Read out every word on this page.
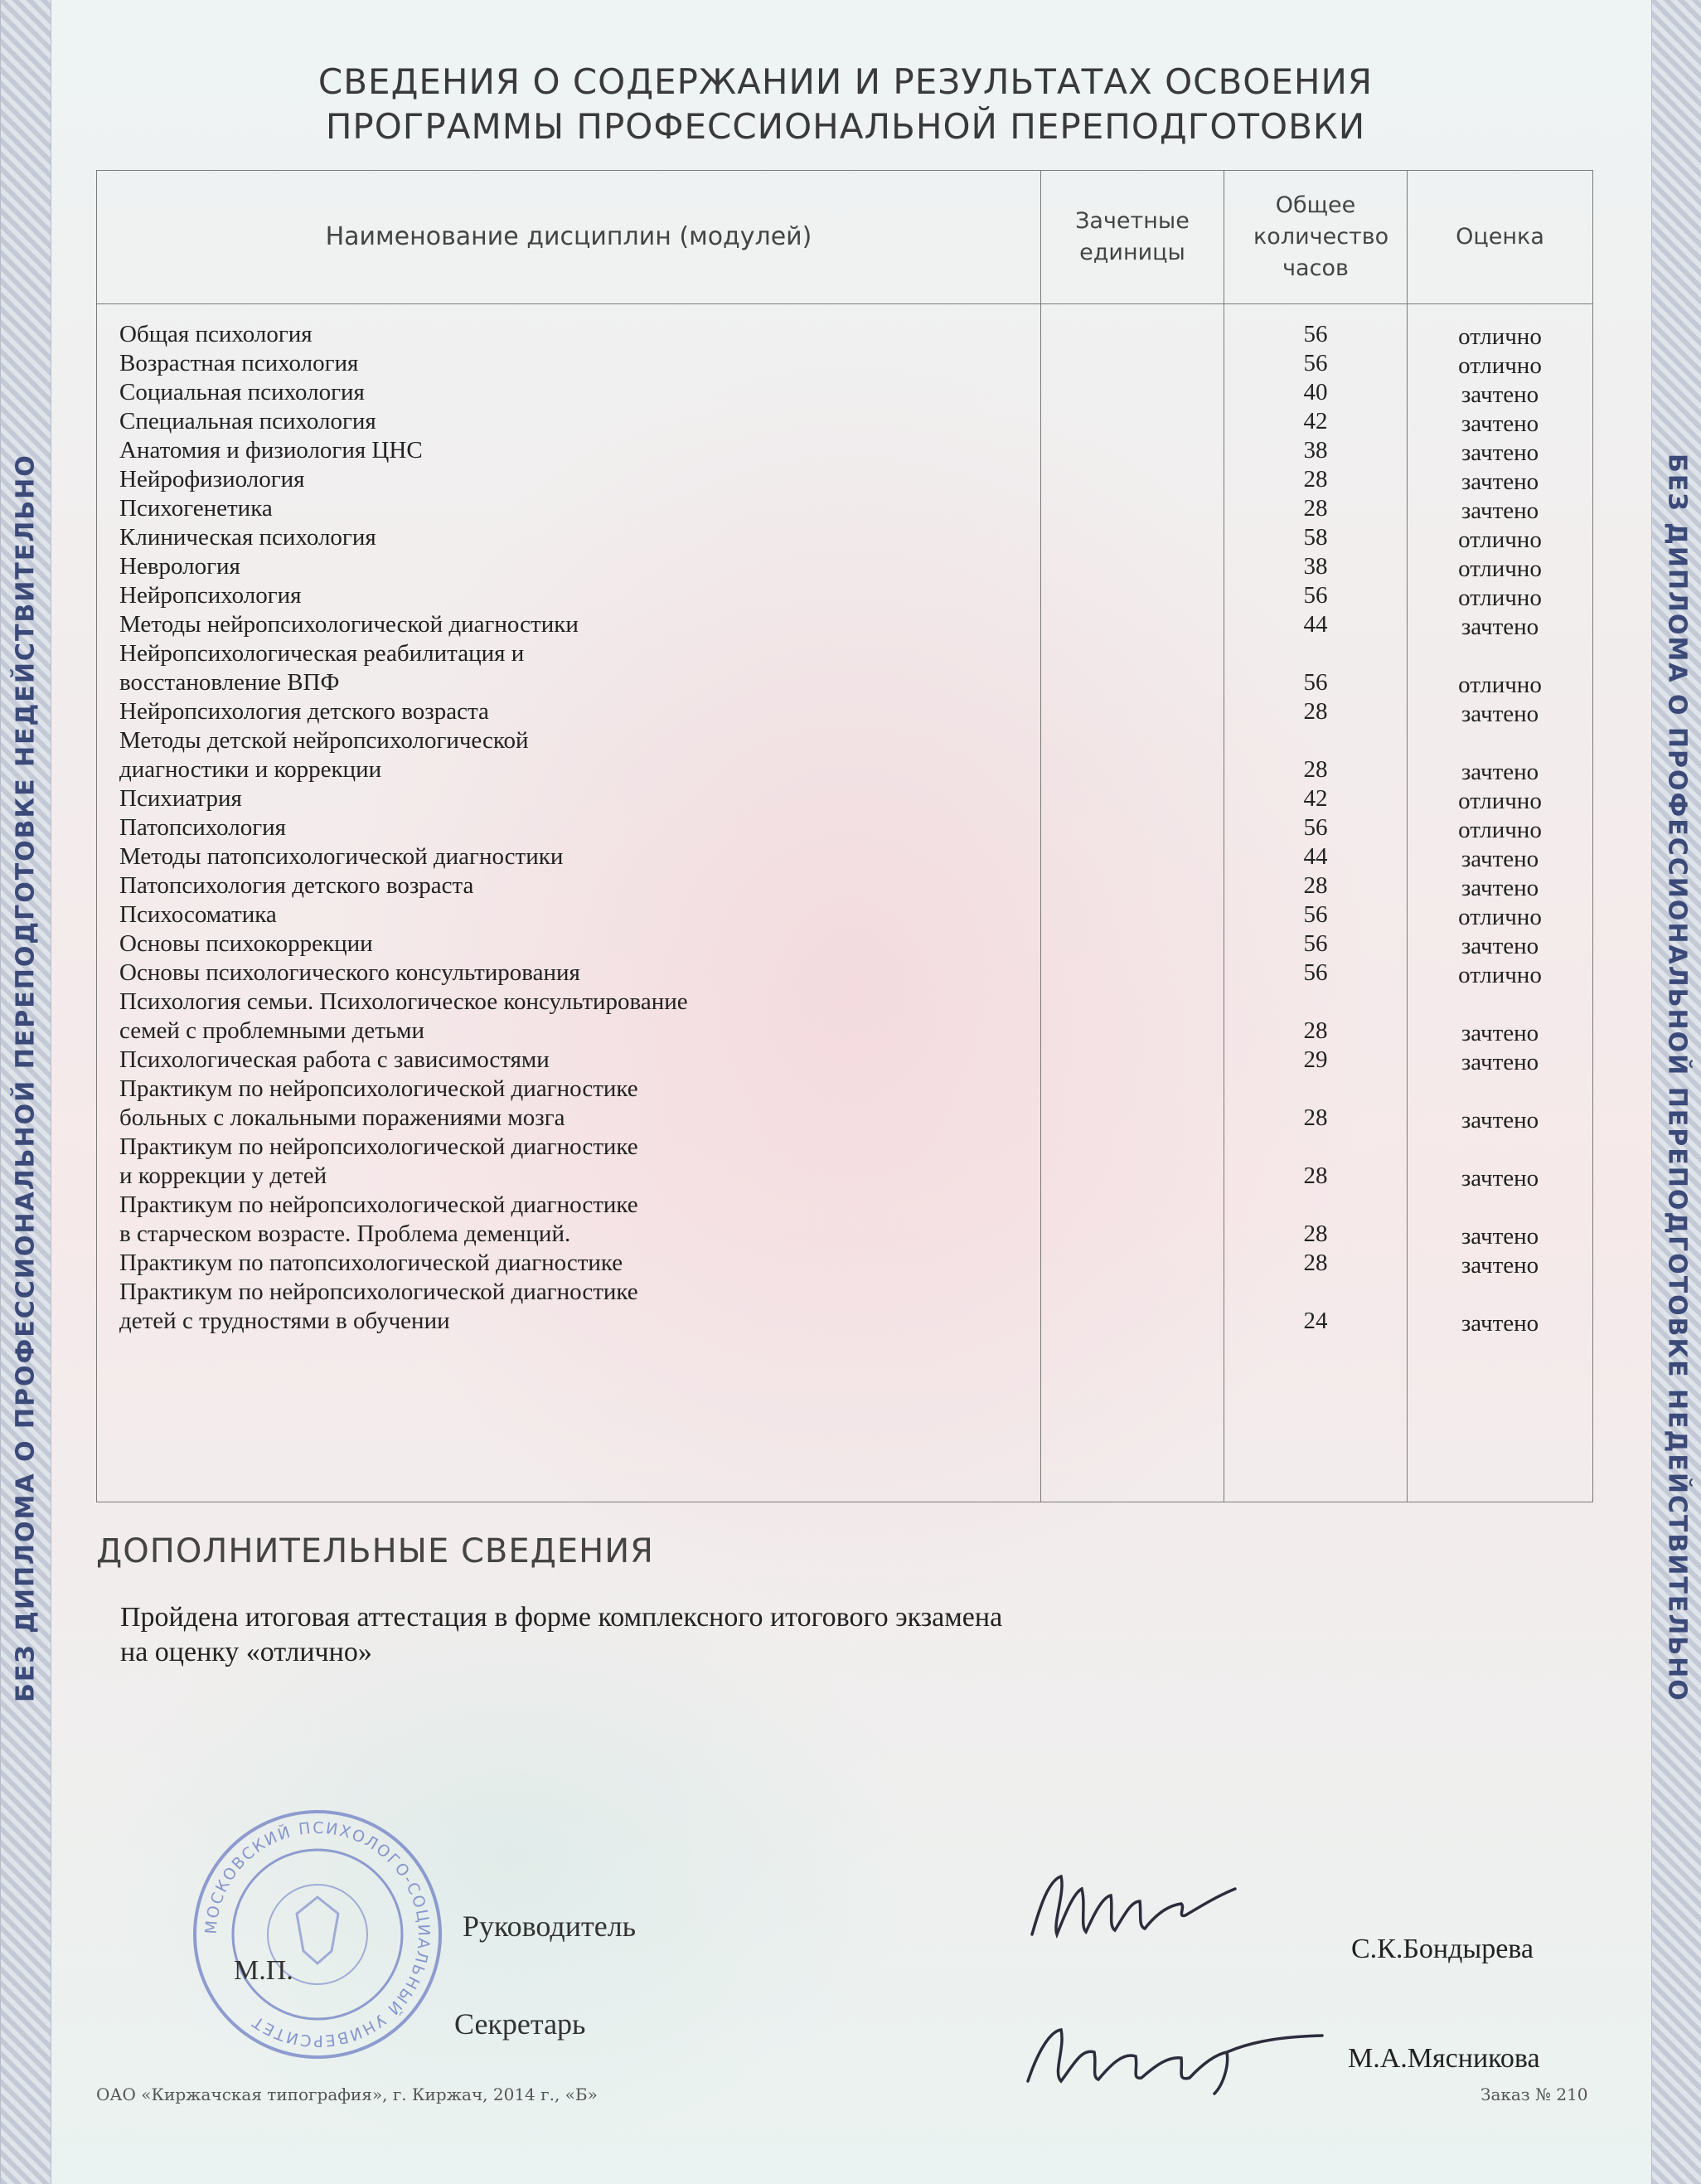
БЕЗ ДИПЛОМА О ПРОФЕССИОНАЛЬНОЙ ПЕРЕПОДГОТОВКЕ НЕДЕЙСТВИТЕЛЬНО	БЕЗ ДИПЛОМА О ПРОФЕССИОНАЛЬНОЙ ПЕРЕПОДГОТОВКЕ НЕДЕЙСТВИТЕЛЬНО
СВЕДЕНИЯ О СОДЕРЖАНИИ И РЕЗУЛЬТАТАХ ОСВОЕНИЯ
ПРОГРАММЫ ПРОФЕССИОНАЛЬНОЙ ПЕРЕПОДГОТОВКИ
Наименование дисциплин (модулей)
Зачетные единицы
Общее количество часов
Оценка
Общая психология	56	отлично
Возрастная психология	56	отлично
Социальная психология	40	зачтено
Специальная психология	42	зачтено
Анатомия и физиология ЦНС	38	зачтено
Нейрофизиология	28	зачтено
Психогенетика	28	зачтено
Клиническая психология	58	отлично
Неврология	38	отлично
Нейропсихология	56	отлично
Методы нейропсихологической диагностики	44	зачтено
Нейропсихологическая реабилитация и
восстановление ВПФ	56	отлично
Нейропсихология детского возраста	28	зачтено
Методы детской нейропсихологической
диагностики и коррекции	28	зачтено
Психиатрия	42	отлично
Патопсихология	56	отлично
Методы патопсихологической диагностики	44	зачтено
Патопсихология детского возраста	28	зачтено
Психосоматика	56	отлично
Основы психокоррекции	56	зачтено
Основы психологического консультирования	56	отлично
Психология семьи. Психологическое консультирование
семей с проблемными детьми	28	зачтено
Психологическая работа с зависимостями	29	зачтено
Практикум по нейропсихологической диагностике
больных с локальными поражениями мозга	28	зачтено
Практикум по нейропсихологической диагностике
и коррекции у детей	28	зачтено
Практикум по нейропсихологической диагностике
в старческом возрасте. Проблема деменций.	28	зачтено
Практикум по патопсихологической диагностике	28	зачтено
Практикум по нейропсихологической диагностике
детей с трудностями в обучении	24	зачтено
ДОПОЛНИТЕЛЬНЫЕ СВЕДЕНИЯ
Пройдена итоговая аттестация в форме комплексного итогового экзамена
на оценку «отлично»
МОСКОВСКИЙ ПСИХОЛОГО-СОЦИАЛЬНЫЙ УНИВЕРСИТЕТ
Руководитель
М.П.
Секретарь
С.К.Бондырева
М.А.Мясникова
ОАО «Киржачская типография», г. Киржач, 2014 г., «Б»	Заказ № 210
